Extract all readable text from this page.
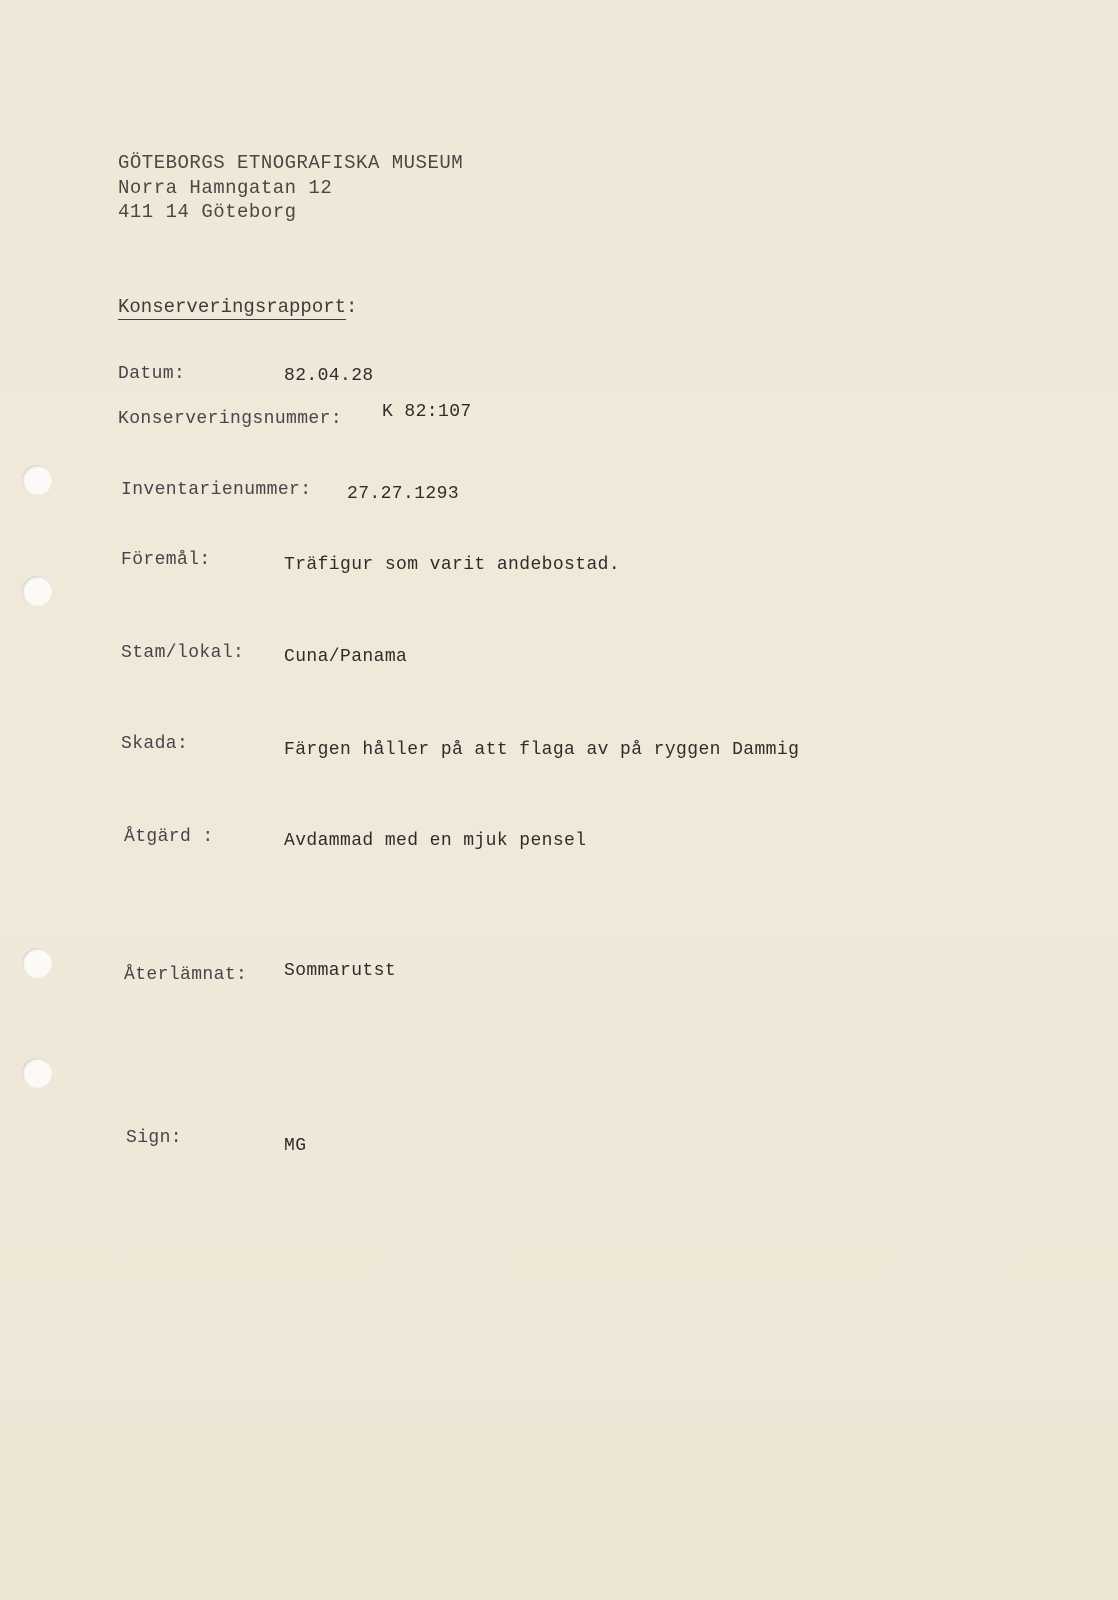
GÖTEBORGS ETNOGRAFISKA MUSEUM
Norra Hamngatan 12
411 14 Göteborg
Konserveringsrapport:
Datum:	82.04.28
Konserveringsnummer: K 82:107
Inventarienummer: 27.27.1293
Föremål:	Träfigur som varit andebostad.
Stam/lokal: Cuna/Panama
Skada:	Färgen håller på att flaga av på ryggen Dammig
Åtgärd :	Avdammad med en mjuk pensel
Återlämnat: Sommarutst
Sign:	MG
